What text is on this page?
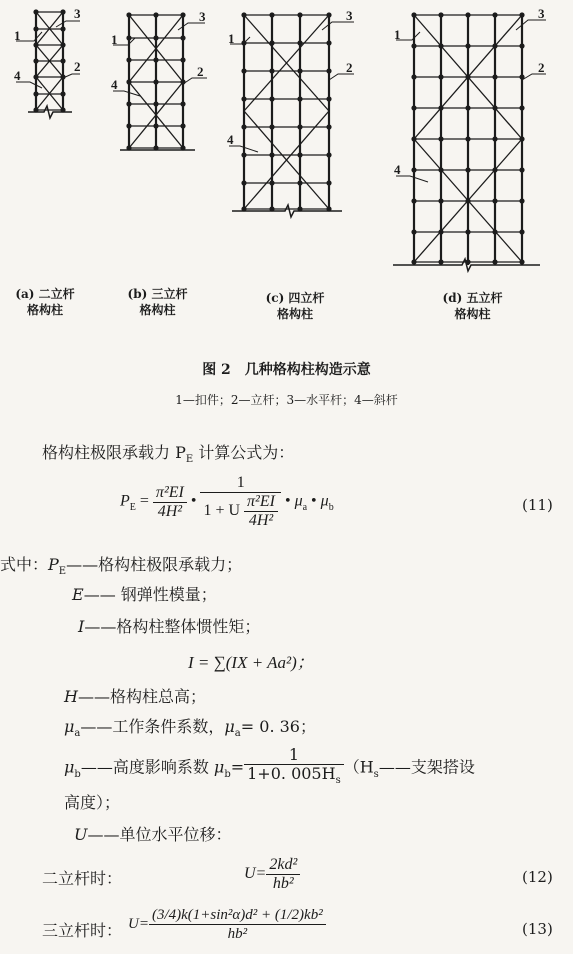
1
3
2
4
1
3
2
4
1
3
2
4
1
3
2
4
(a) 二立杆
格构柱
(b) 三立杆
格构柱
(c) 四立杆
格构柱
(d) 五立杆
格构柱
图 2　几种格构柱构造示意
1—扣件；2—立杆；3—水平杆；4—斜杆
格构柱极限承载力 $P_E$ 计算公式为：
$P_E = \frac{\text{π²EI}}{\text{4H²}}$ • $\frac{1}{1 + U \frac{\text{π²EI}}{\text{4H²}}}$ • $\mu_a$ • $\mu_b$	(11)
式中：$P_E——$格构柱极限承载力；
E—— 钢弹性模量；
I——格构柱整体惯性矩；
I = ∑(IX + Aa²)；
H——格构柱总高；
$\mu_a——$工作条件系数，$\mu_a= 0$. 36；
$\mu_b——$高度影响系数 $\mu_b= \frac{1}{1+0. 005H_s}$ （$H_s——$支架搭设
高度）；
U——单位水平位移：
二立杆时：	$U= \frac{\text{2kd²}}{\text{hb²}}$	(12)
三立杆时： $U= \frac{\text{(3/4)k(1+sin²α)d² + (1/2)kb²}}{\text{hb²}}$	(13)
